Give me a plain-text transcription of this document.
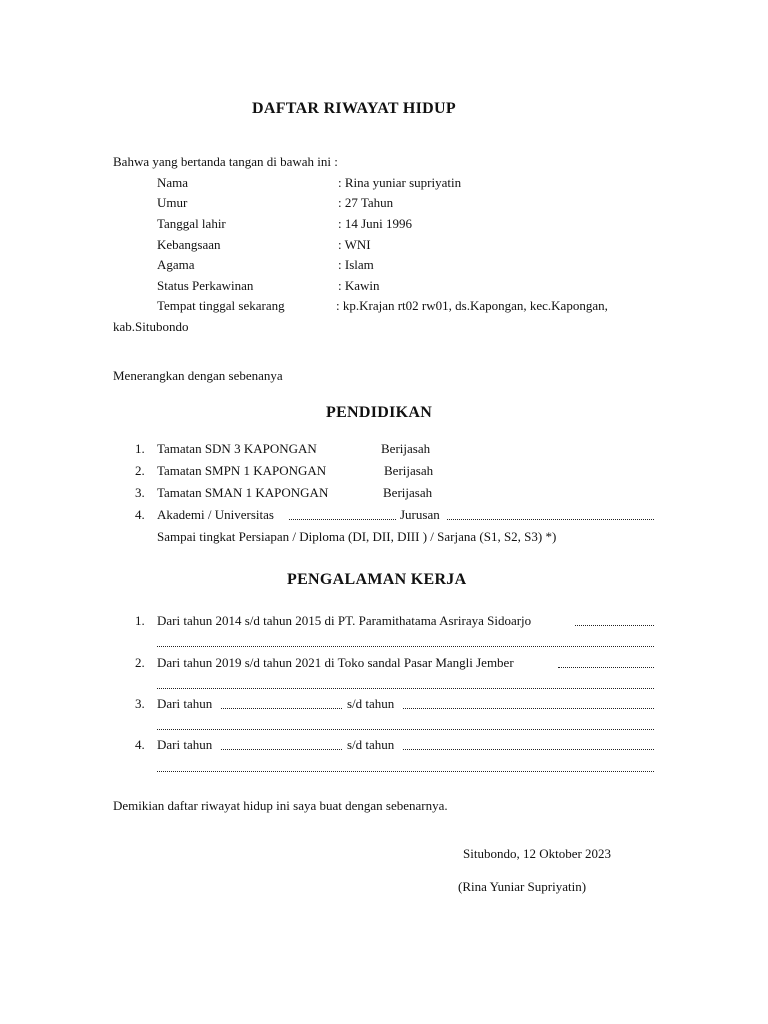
DAFTAR RIWAYAT HIDUP
Bahwa yang bertanda tangan di bawah ini :
Nama	: Rina yuniar supriyatin
Umur	: 27 Tahun
Tanggal lahir	: 14 Juni 1996
Kebangsaan	: WNI
Agama	: Islam
Status Perkawinan	: Kawin
Tempat tinggal sekarang	: kp.Krajan rt02 rw01, ds.Kapongan, kec.Kapongan,
kab.Situbondo
Menerangkan dengan sebenanya
PENDIDIKAN
1. Tamatan SDN 3 KAPONGAN	Berijasah
2. Tamatan SMPN 1 KAPONGAN	Berijasah
3. Tamatan SMAN 1 KAPONGAN	Berijasah
4. Akademi / Universitas	Jurusan
Sampai tingkat Persiapan / Diploma (DI, DII, DIII ) / Sarjana (S1, S2, S3) *)
PENGALAMAN KERJA
1. Dari tahun 2014 s/d tahun 2015 di PT. Paramithatama Asriraya Sidoarjo
2. Dari tahun 2019 s/d tahun 2021 di Toko sandal Pasar Mangli Jember
3. Dari tahun	s/d tahun
4. Dari tahun	s/d tahun
Demikian daftar riwayat hidup ini saya buat dengan sebenarnya.
Situbondo, 12 Oktober 2023
(Rina Yuniar Supriyatin)
